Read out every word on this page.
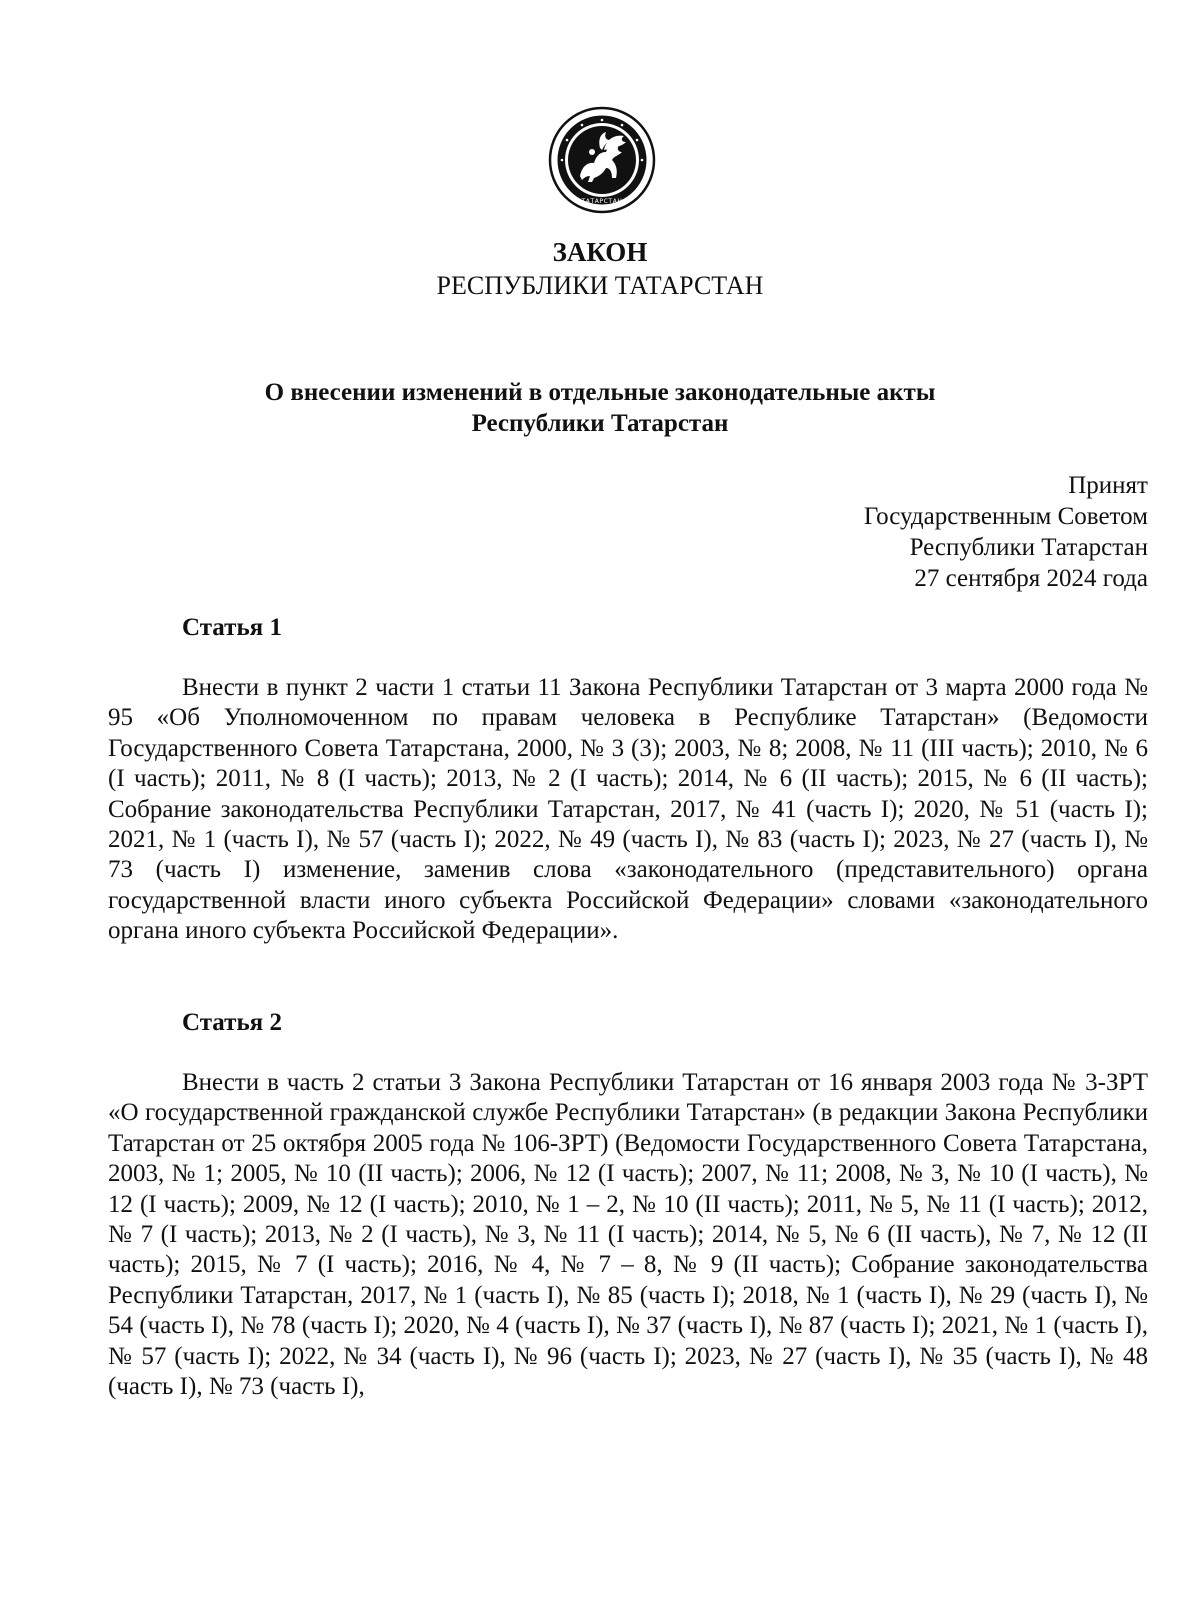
ТАТАРСТАН
ЗАКОН
РЕСПУБЛИКИ ТАТАРСТАН
О внесении изменений в отдельные законодательные акты
Республики Татарстан
Принят
Государственным Советом
Республики Татарстан
27 сентября 2024 года
Статья 1
Внести в пункт 2 части 1 статьи 11 Закона Республики Татарстан от 3 марта 2000 года № 95 «Об Уполномоченном по правам человека в Республике Татарстан» (Ведомости Государственного Совета Татарстана, 2000, № 3 (3); 2003, № 8; 2008, № 11 (III часть); 2010, № 6 (I часть); 2011, № 8 (I часть); 2013, № 2 (I часть); 2014, № 6 (II часть); 2015, № 6 (II часть); Собрание законодательства Республики Татарстан, 2017, № 41 (часть I); 2020, № 51 (часть I); 2021, № 1 (часть I), № 57 (часть I); 2022, № 49 (часть I), № 83 (часть I); 2023, № 27 (часть I), № 73 (часть I) изменение, заменив слова «законодательного (представительного) органа государственной власти иного субъекта Российской Федерации» словами «законодательного органа иного субъекта Российской Федерации».
Статья 2
Внести в часть 2 статьи 3 Закона Республики Татарстан от 16 января 2003 года № 3-ЗРТ «О государственной гражданской службе Республики Татарстан» (в редакции Закона Республики Татарстан от 25 октября 2005 года № 106-ЗРТ) (Ведомости Государственного Совета Татарстана, 2003, № 1; 2005, № 10 (II часть); 2006, № 12 (I часть); 2007, № 11; 2008, № 3, № 10 (I часть), № 12 (I часть); 2009, № 12 (I часть); 2010, № 1 – 2, № 10 (II часть); 2011, № 5, № 11 (I часть); 2012, № 7 (I часть); 2013, № 2 (I часть), № 3, № 11 (I часть); 2014, № 5, № 6 (II часть), № 7, № 12 (II часть); 2015, № 7 (I часть); 2016, № 4, № 7 – 8, № 9 (II часть); Собрание законодательства Республики Татарстан, 2017, № 1 (часть I), № 85 (часть I); 2018, № 1 (часть I), № 29 (часть I), № 54 (часть I), № 78 (часть I); 2020, № 4 (часть I), № 37 (часть I), № 87 (часть I); 2021, № 1 (часть I), № 57 (часть I); 2022, № 34 (часть I), № 96 (часть I); 2023, № 27 (часть I), № 35 (часть I), № 48 (часть I), № 73 (часть I),
